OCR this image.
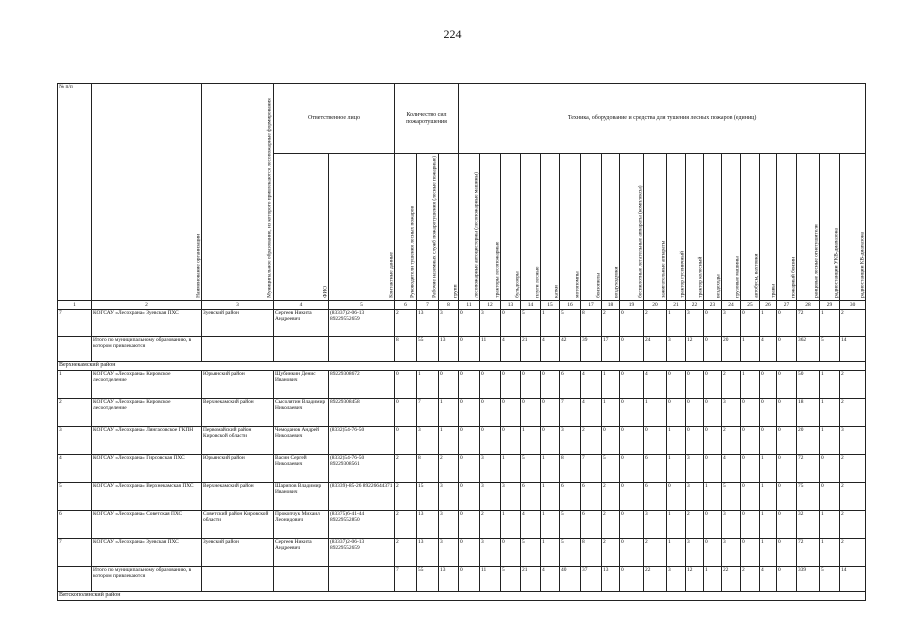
224
№ п/п	Наименование организации	Муниципальное образование, из которого привлекаются лесопожарные формирования	Ответственное лицо		Количество сил пожаротушения			Техника, оборудование и средства для тушения лесных пожаров (единиц)																			
			ФИО	Контактные данные	Руководители тушения лесных пожаров	Рабочие наземных служб пожаротушения (лесные пожарные)	групп	лесопожарные автоцистерны (лесопожарные машины)	тракторы лесопожарные	бульдозеры	плуги лесные	катки	мотопомпы	бензопилы	воздуходувки	беспилотные летательные аппараты (комплексы)	зажигательные аппараты	трактор гусеничный	трактор колесный	вездеходы	грузовые машины	автобусы, вахтовки	травы	пожарный бензин	ранцевые лесные огнетушители	радиостанции УКВ-диапазона	радиостанции КВ-диапазона
1	2	3	4	5	6	7	8	11	12	13	14	15	16	17	18	19	20	21	22	23	24	25	26	27	28	29	30
7	КОГСАУ «Лесохрана» Зуевская ПХС	Зуевский район	Сергеев Никита Андреевич	(83337)2-06-13 89229552659	2	13	3	0	3	0	5	1	5	8	2	0	2	1	3	0	3	0	1	0	72	1	2
	Итого по муниципальному образованию, в котором привлекаются				8	55	13	0	11	4	21	4	42	39	17	0	24	3	12	0	20	1	4	0	362	5	14
Верхнекамский район																											
1	КОГСАУ «Лесохрана» Кировское лесоотделение	Юрьянский район	Щубинкин Денис Иванович	89229308672	0	1	0	0	0	0	0	0	6	4	1	0	4	0	0	0	2	1	0	0	50	1	2
2	КОГСАУ «Лесохрана» Кировское лесоотделение	Верхнекамский район	Сысолятин Владимир Николаевич	89229308458	0	7	1	0	0	0	0	0	7	4	1	0	1	0	0	0	3	0	0	0	18	1	2
3	КОГСАУ «Лесохрана» Лянгасовское ГКПН	Первомайский район Кировской области	Чемоданов Андрей Николаевич	(8332)54-76-50	0	3	1	0	0	0	1	0	3	2	0	0	0	1	0	0	2	0	0	0	20	1	3
4	КОГСАУ «Лесохрана» Гирсовская ПХС	Юрьянский район	Васин Сергей Николаевич	(8332)54-76-50 89229308561	2	8	2	0	3	1	5	1	8	7	5	0	6	1	3	0	4	0	1	0	72	0	2
5	КОГСАУ «Лесохрана» Верхнекамская ПХС	Верхнекамский район	Шарипов Владимир Иванович	(83339)-85-26 89226644371	2	15	3	0	3	3	6	1	6	6	2	0	6	0	3	1	5	0	1	0	75	0	2
6	КОГСАУ «Лесохрана» Советская ПХС	Советский район Кировской области	Прокопчук Михаил Леонидович	(83375)6-41-44 89229552850	2	13	3	0	2	1	4	1	5	6	2	0	3	1	2	0	3	0	1	0	32	1	2
7	КОГСАУ «Лесохрана» Зуевская ПХС	Зуевский район	Сергеев Никита Андреевич	(83337)2-06-13 89229552659	2	13	3	0	3	0	5	1	5	8	2	0	2	1	3	0	3	0	1	0	72	1	2
	Итого по муниципальному образованию, в котором привлекаются				7	55	13	0	11	5	21	4	40	37	13	0	22	3	12	1	22	2	4	0	339	5	14
Вятскополянский район																											
